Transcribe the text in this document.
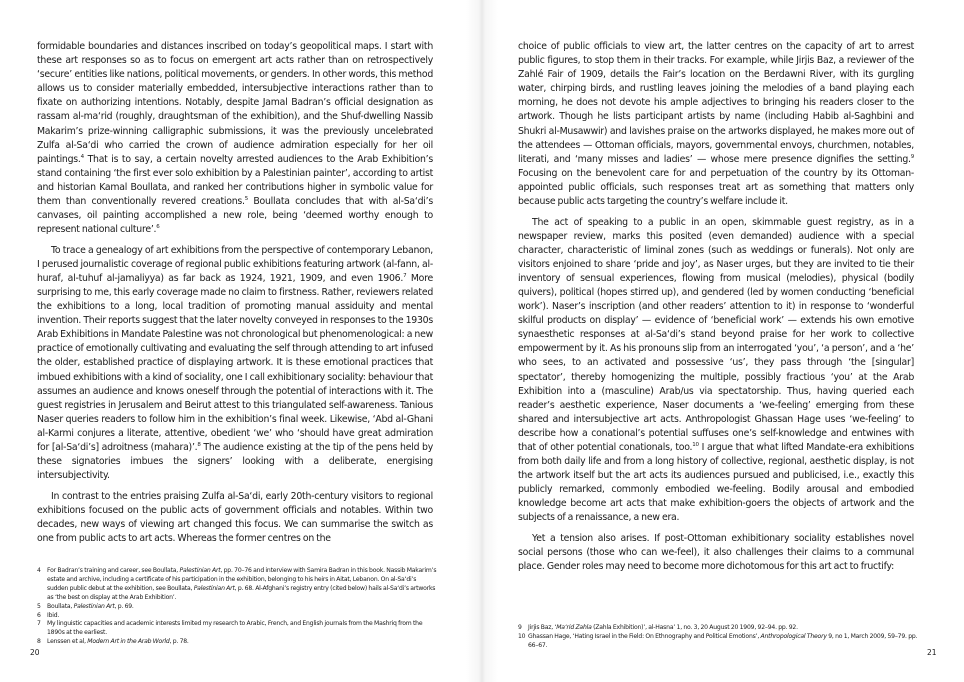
formidable boundaries and distances inscribed on today’s geopolitical maps. I start with these art responses so as to focus on emergent art acts rather than on retrospectively ‘secure’ entities like nations, political movements, or genders. In other words, this method allows us to consider materially embedded, intersubjective interactions rather than to fixate on authorizing intentions. Notably, despite Jamal Badran’s official designation as rassam al-ma‘rid (roughly, draughtsman of the exhibition), and the Shuf-dwelling Nassib Makarim’s prize-winning calligraphic submissions, it was the previously uncelebrated Zulfa al-Sa‘di who carried the crown of audience admiration especially for her oil paintings.$^4$ That is to say, a certain novelty arrested audiences to the Arab Exhibition’s stand containing ‘the first ever solo exhibition by a Palestinian painter’, according to artist and historian Kamal Boullata, and ranked her contributions higher in symbolic value for them than conventionally revered creations.$^5$ Boullata concludes that with al-Sa‘di’s canvases, oil painting accomplished a new role, being ‘deemed worthy enough to represent national culture’.$^6$

To trace a genealogy of art exhibitions from the perspective of contemporary Lebanon, I perused journalistic coverage of regional public exhibitions featuring artwork (al-fann, al-huraf, al-tuhuf al-jamaliyya) as far back as 1924, 1921, 1909, and even 1906.$^7$ More surprising to me, this early coverage made no claim to firstness. Rather, reviewers related the exhibitions to a long, local tradition of promoting manual assiduity and mental invention. Their reports suggest that the later novelty conveyed in responses to the 1930s Arab Exhibitions in Mandate Palestine was not chronological but phenomenological: a new practice of emotionally cultivating and evaluating the self through attending to art infused the older, established practice of displaying artwork. It is these emotional practices that imbued exhibitions with a kind of sociality, one I call exhibitionary sociality: behaviour that assumes an audience and knows oneself through the potential of interactions with it. The guest registries in Jerusalem and Beirut attest to this triangulated self-awareness. Tanious Naser queries readers to follow him in the exhibition’s final week. Likewise, ‘Abd al-Ghani al-Karmi conjures a literate, attentive, obedient ‘we’ who ‘should have great admiration for [al-Sa‘di’s] adroitness (mahara)’.$^8$ The audience existing at the tip of the pens held by these signatories imbues the signers’ looking with a deliberate, energising intersubjectivity.

In contrast to the entries praising Zulfa al-Sa‘di, early 20th-century visitors to regional exhibitions focused on the public acts of government officials and notables. Within two decades, new ways of viewing art changed this focus. We can summarise the switch as one from public acts to art acts. Whereas the former centres on the

4	For Badran’s training and career, see Boullata, Palestinian Art, pp. 70–76 and interview with Samira Badran in this book. Nassib Makarim’s estate and archive, including a certificate of his participation in the exhibition, belonging to his heirs in Aitat, Lebanon. On al-Sa‘di’s sudden public debut at the exhibition, see Boullata, Palestinian Art, p. 68. Al-Afghani’s registry entry (cited below) hails al-Sa‘di’s artworks as ‘the best on display at the Arab Exhibition’.
5	Boullata, Palestinian Art, p. 69.
6	Ibid.
7	My linguistic capacities and academic interests limited my research to Arabic, French, and English journals from the Mashriq from the 1890s at the earliest.
8	Lenssen et al, Modern Art in the Arab World, p. 78.
20

choice of public officials to view art, the latter centres on the capacity of art to arrest public figures, to stop them in their tracks. For example, while Jirjis Baz, a reviewer of the Zahlé Fair of 1909, details the Fair’s location on the Berdawni River, with its gurgling water, chirping birds, and rustling leaves joining the melodies of a band playing each morning, he does not devote his ample adjectives to bringing his readers closer to the artwork. Though he lists participant artists by name (including Habib al-Saghbini and Shukri al-Musawwir) and lavishes praise on the artworks displayed, he makes more out of the attendees — Ottoman officials, mayors, governmental envoys, churchmen, notables, literati, and ‘many misses and ladies’ — whose mere presence dignifies the setting.$^9$ Focusing on the benevolent care for and perpetuation of the country by its Ottoman-appointed public officials, such responses treat art as something that matters only because public acts targeting the country’s welfare include it.

The act of speaking to a public in an open, skimmable guest registry, as in a newspaper review, marks this posited (even demanded) audience with a special character, characteristic of liminal zones (such as weddings or funerals). Not only are visitors enjoined to share ‘pride and joy’, as Naser urges, but they are invited to tie their inventory of sensual experiences, flowing from musical (melodies), physical (bodily quivers), political (hopes stirred up), and gendered (led by women conducting ‘beneficial work’). Naser’s inscription (and other readers’ attention to it) in response to ‘wonderful skilful products on display’ — evidence of ‘beneficial work’ — extends his own emotive synaesthetic responses at al-Sa‘di’s stand beyond praise for her work to collective empowerment by it. As his pronouns slip from an interrogated ‘you’, ‘a person’, and a ‘he’ who sees, to an activated and possessive ‘us’, they pass through ‘the [singular] spectator’, thereby homogenizing the multiple, possibly fractious ‘you’ at the Arab Exhibition into a (masculine) Arab/us via spectatorship. Thus, having queried each reader’s aesthetic experience, Naser documents a ‘we-feeling’ emerging from these shared and intersubjective art acts. Anthropologist Ghassan Hage uses ‘we-feeling’ to describe how a conational’s potential suffuses one’s self-knowledge and entwines with that of other potential conationals, too.$^{10}$ I argue that what lifted Mandate-era exhibitions from both daily life and from a long history of collective, regional, aesthetic display, is not the artwork itself but the art acts its audiences pursued and publicised, i.e., exactly this publicly remarked, commonly embodied we-feeling. Bodily arousal and embodied knowledge become art acts that make exhibition-goers the objects of artwork and the subjects of a renaissance, a new era.

Yet a tension also arises. If post-Ottoman exhibitionary sociality establishes novel social persons (those who can we-feel), it also challenges their claims to a communal place. Gender roles may need to become more dichotomous for this art act to fructify:

9	Jirjis Baz, ‘Ma‘rid Zahla (Zahla Exhibition)’, al-Hasna’ 1, no. 3, 20 August 20 1909, 92–94. pp. 92.
10 Ghassan Hage, ‘Hating Israel in the Field: On Ethnography and Political Emotions’, Anthropological Theory 9, no 1, March 2009, 59–79. pp. 66–67.
21
